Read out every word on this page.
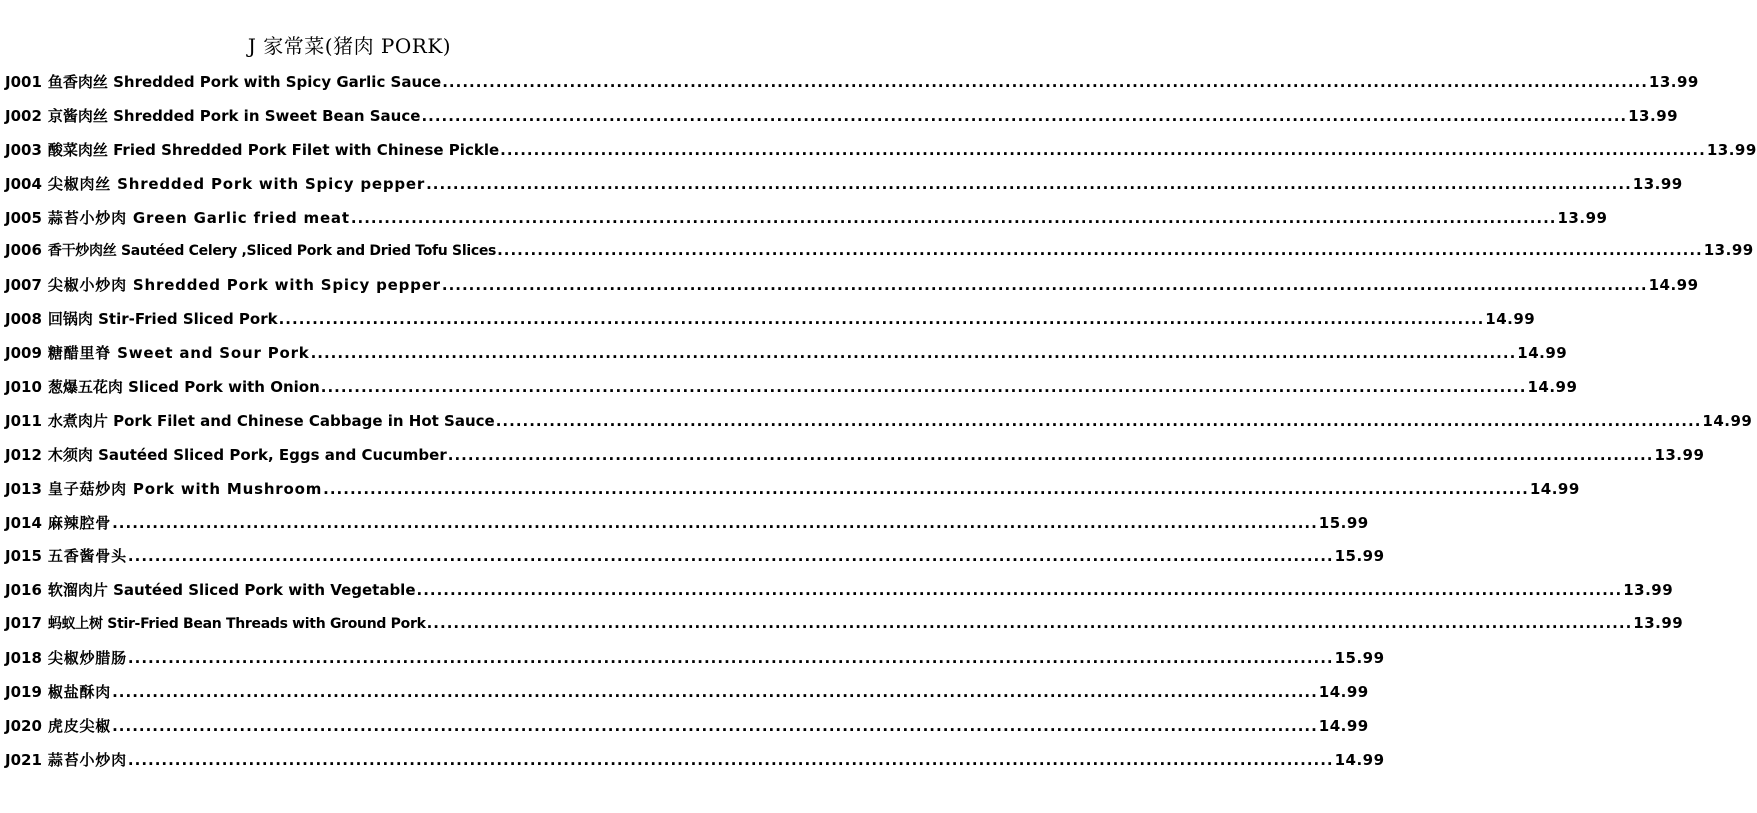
J 家常菜(猪肉 PORK)
J001 鱼香肉丝 Shredded Pork with Spicy Garlic Sauce .....	13.99
J002 京酱肉丝 Shredded Pork in Sweet Bean Sauce .....	13.99
J003 酸菜肉丝 Fried Shredded Pork Filet with Chinese Pickle .....	13.99
J004 尖椒肉丝 Shredded Pork with Spicy pepper .....	13.99
J005 蒜苔小炒肉 Green Garlic fried meat .....	13.99
J006 香干炒肉丝 Sautéed Celery ,Sliced Pork and Dried Tofu Slices .....	13.99
J007 尖椒小炒肉 Shredded Pork with Spicy pepper .....	14.99
J008 回锅肉 Stir-Fried Sliced Pork .....	14.99
J009 糖醋里脊 Sweet and Sour Pork .....	14.99
J010 葱爆五花肉 Sliced Pork with Onion .....	14.99
J011 水煮肉片 Pork Filet and Chinese Cabbage in Hot Sauce .....	14.99
J012 木须肉 Sautéed Sliced Pork, Eggs and Cucumber .....	13.99
J013 皇子菇炒肉 Pork with Mushroom .....	14.99
J014 麻辣腔骨 .....	15.99
J015 五香酱骨头 .....	15.99
J016 软溜肉片 Sautéed Sliced Pork with Vegetable .....	13.99
J017 蚂蚁上树 Stir-Fried Bean Threads with Ground Pork .....	13.99
J018 尖椒炒腊肠 .....	15.99
J019 椒盐酥肉 .....	14.99
J020 虎皮尖椒 .....	14.99
J021 蒜苔小炒肉 .....	14.99
